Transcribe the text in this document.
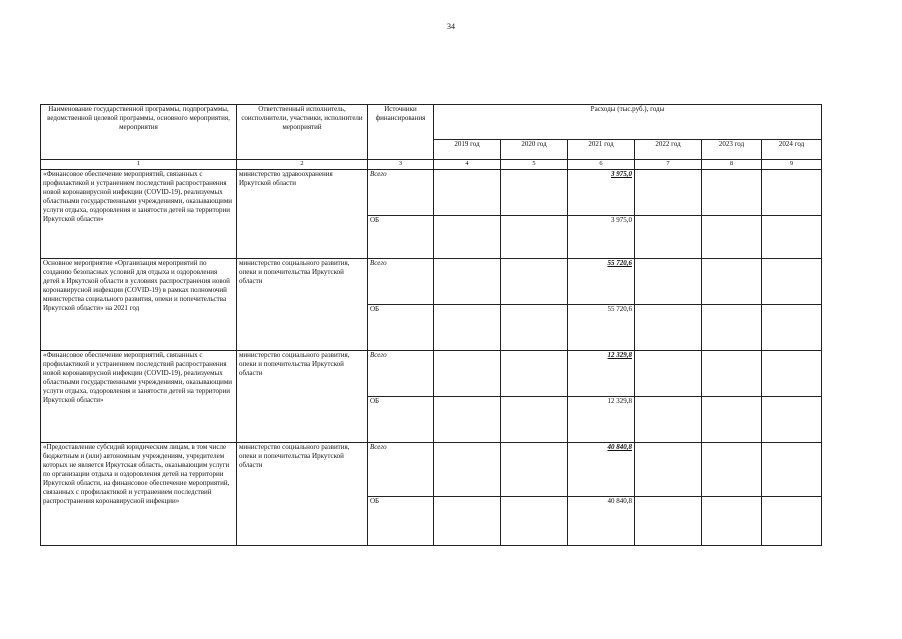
34
Наименование государственной программы, подпрограммы, ведомственной целевой программы, основного мероприятия, мероприятия	Ответственный исполнитель, соисполнители, участники, исполнители мероприятий	Источники финансирования	Расходы (тыс.руб.), годы					
			2019 год	2020 год	2021 год	2022 год	2023 год	2024 год
1	2	3	4	5	6	7	8	9
«Финансовое обеспечение мероприятий, связанных с профилактикой и устранением последствий распространения новой коронавирусной инфекции (COVID-19), реализуемых областными государственными учреждениями, оказывающими услуги отдыха, оздоровления и занятости детей на территории Иркутской области»	министерство здравоохранения Иркутской области	Всего			3 975,0			
		ОБ			3 975,0			
Основное мероприятие «Организация мероприятий по созданию безопасных условий для отдыха и оздоровления детей в Иркутской области в условиях распространения новой коронавирусной инфекции (COVID-19) в рамках полномочий министерства социального развития, опеки и попечительства Иркутской области» на 2021 год	министерство социального развития, опеки и попечительства Иркутской области	Всего			55 720,6			
		ОБ			55 720,6			
«Финансовое обеспечение мероприятий, связанных с профилактикой и устранением последствий распространения новой коронавирусной инфекции (COVID-19), реализуемых областными государственными учреждениями, оказывающими услуги отдыха, оздоровления и занятости детей на территории Иркутской области»	министерство социального развития, опеки и попечительства Иркутской области	Всего			12 329,8			
		ОБ			12 329,8			
«Предоставление субсидий юридическим лицам, в том числе бюджетным и (или) автономным учреждениям, учредителем которых не является Иркутская область, оказывающим услуги по организации отдыха и оздоровления детей на территории Иркутской области, на финансовое обеспечение мероприятий, связанных с профилактикой и устранением последствий распространения коронавирусной инфекции»	министерство социального развития, опеки и попечительства Иркутской области	Всего			40 840,8			
		ОБ			40 840,8			
